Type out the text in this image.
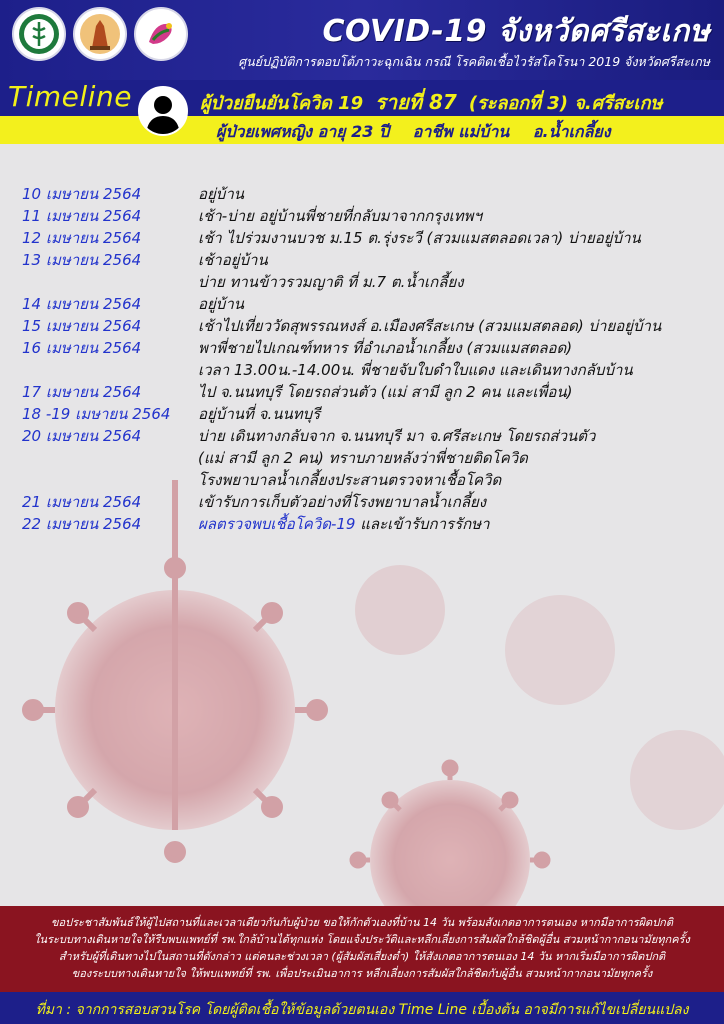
COVID-19 จังหวัดศรีสะเกษ
ศูนย์ปฏิบัติการตอบโต้ภาวะฉุกเฉิน กรณี โรคติดเชื้อไวรัสโคโรนา 2019 จังหวัดศรีสะเกษ
Timeline	ผู้ป่วยยืนยันโควิด 19 รายที่ 87 (ระลอกที่ 3) จ.ศรีสะเกษ
ผู้ป่วยเพศหญิง อายุ 23 ปี อาชีพ แม่บ้าน อ.น้ำเกลี้ยง
10 เมษายน 2564	อยู่บ้าน
11 เมษายน 2564	เช้า-บ่าย อยู่บ้านพี่ชายที่กลับมาจากกรุงเทพฯ
12 เมษายน 2564	เช้า ไปร่วมงานบวช ม.15 ต.รุ่งระวี (สวมแมสตลอดเวลา) บ่ายอยู่บ้าน
13 เมษายน 2564	เช้าอยู่บ้าน
บ่าย ทานข้าวรวมญาติ ที่ ม.7 ต.น้ำเกลี้ยง
14 เมษายน 2564	อยู่บ้าน
15 เมษายน 2564	เช้าไปเที่ยววัดสุพรรณหงส์ อ.เมืองศรีสะเกษ (สวมแมสตลอด) บ่ายอยู่บ้าน
16 เมษายน 2564	พาพี่ชายไปเกณฑ์ทหาร ที่อำเภอน้ำเกลี้ยง (สวมแมสตลอด)
เวลา 13.00น.-14.00น. พี่ชายจับใบดำใบแดง และเดินทางกลับบ้าน
17 เมษายน 2564	ไป จ.นนทบุรี โดยรถส่วนตัว (แม่ สามี ลูก 2 คน และเพื่อน)
18 -19 เมษายน 2564 อยู่บ้านที่ จ.นนทบุรี
20 เมษายน 2564	บ่าย เดินทางกลับจาก จ.นนทบุรี มา จ.ศรีสะเกษ โดยรถส่วนตัว
(แม่ สามี ลูก 2 คน) ทราบภายหลังว่าพี่ชายติดโควิด
โรงพยาบาลน้ำเกลี้ยงประสานตรวจหาเชื้อโควิด
21 เมษายน 2564	เข้ารับการเก็บตัวอย่างที่โรงพยาบาลน้ำเกลี้ยง
22 เมษายน 2564	ผลตรวจพบเชื้อโควิด-19 และเข้ารับการรักษา
ขอประชาสัมพันธ์ให้ผู้ไปสถานที่และเวลาเดียวกันกับผู้ป่วย ขอให้กักตัวเองที่บ้าน 14 วัน พร้อมสังเกตอาการตนเอง หากมีอาการผิดปกติ
ในระบบทางเดินหายใจให้รีบพบแพทย์ที่ รพ.ใกล้บ้านได้ทุกแห่ง โดยแจ้งประวัติและหลีกเลี่ยงการสัมผัสใกล้ชิดผู้อื่น สวมหน้ากากอนามัยทุกครั้ง
สำหรับผู้ที่เดินทางไปในสถานที่ดังกล่าว แต่คนละช่วงเวลา (ผู้สัมผัสเสี่ยงต่ำ) ให้สังเกตอาการตนเอง 14 วัน หากเริ่มมีอาการผิดปกติ
ของระบบทางเดินหายใจ ให้พบแพทย์ที่ รพ. เพื่อประเมินอาการ หลีกเลี่ยงการสัมผัสใกล้ชิดกับผู้อื่น สวมหน้ากากอนามัยทุกครั้ง
ที่มา : จากการสอบสวนโรค โดยผู้ติดเชื้อให้ข้อมูลด้วยตนเอง Time Line เบื้องต้น อาจมีการแก้ไขเปลี่ยนแปลง
